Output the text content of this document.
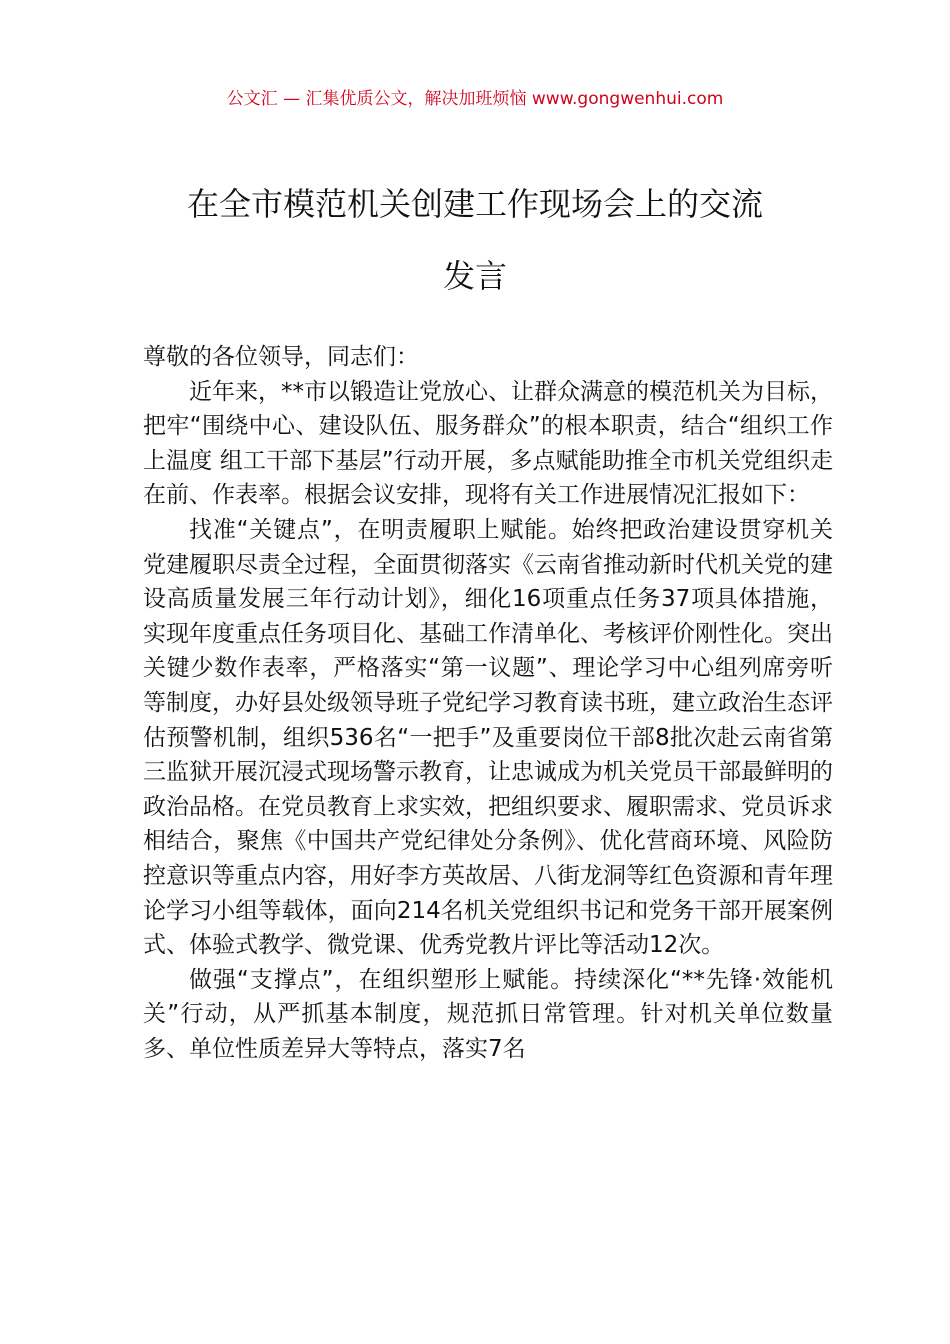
公文汇 — 汇集优质公文，解决加班烦恼 www.gongwenhui.com
在全市模范机关创建工作现场会上的交流
发言

尊敬的各位领导，同志们：

近年来，**市以锻造让党放心、让群众满意的模范机关为目标，把牢“围绕中心、建设队伍、服务群众”的根本职责，结合“组织工作上温度 组工干部下基层”行动开展，多点赋能助推全市机关党组织走在前、作表率。根据会议安排，现将有关工作进展情况汇报如下：

找准“关键点”，在明责履职上赋能。始终把政治建设贯穿机关党建履职尽责全过程，全面贯彻落实《云南省推动新时代机关党的建设高质量发展三年行动计划》，细化16项重点任务37项具体措施，实现年度重点任务项目化、基础工作清单化、考核评价刚性化。突出关键少数作表率，严格落实“第一议题”、理论学习中心组列席旁听等制度，办好县处级领导班子党纪学习教育读书班，建立政治生态评估预警机制，组织536名“一把手”及重要岗位干部8批次赴云南省第三监狱开展沉浸式现场警示教育，让忠诚成为机关党员干部最鲜明的政治品格。在党员教育上求实效，把组织要求、履职需求、党员诉求相结合，聚焦《中国共产党纪律处分条例》、优化营商环境、风险防控意识等重点内容，用好李方英故居、八街龙洞等红色资源和青年理论学习小组等载体，面向214名机关党组织书记和党务干部开展案例式、体验式教学、微党课、优秀党教片评比等活动12次。

做强“支撑点”，在组织塑形上赋能。持续深化“**先锋·效能机关”行动，从严抓基本制度，规范抓日常管理。针对机关单位数量多、单位性质差异大等特点，落实7名
